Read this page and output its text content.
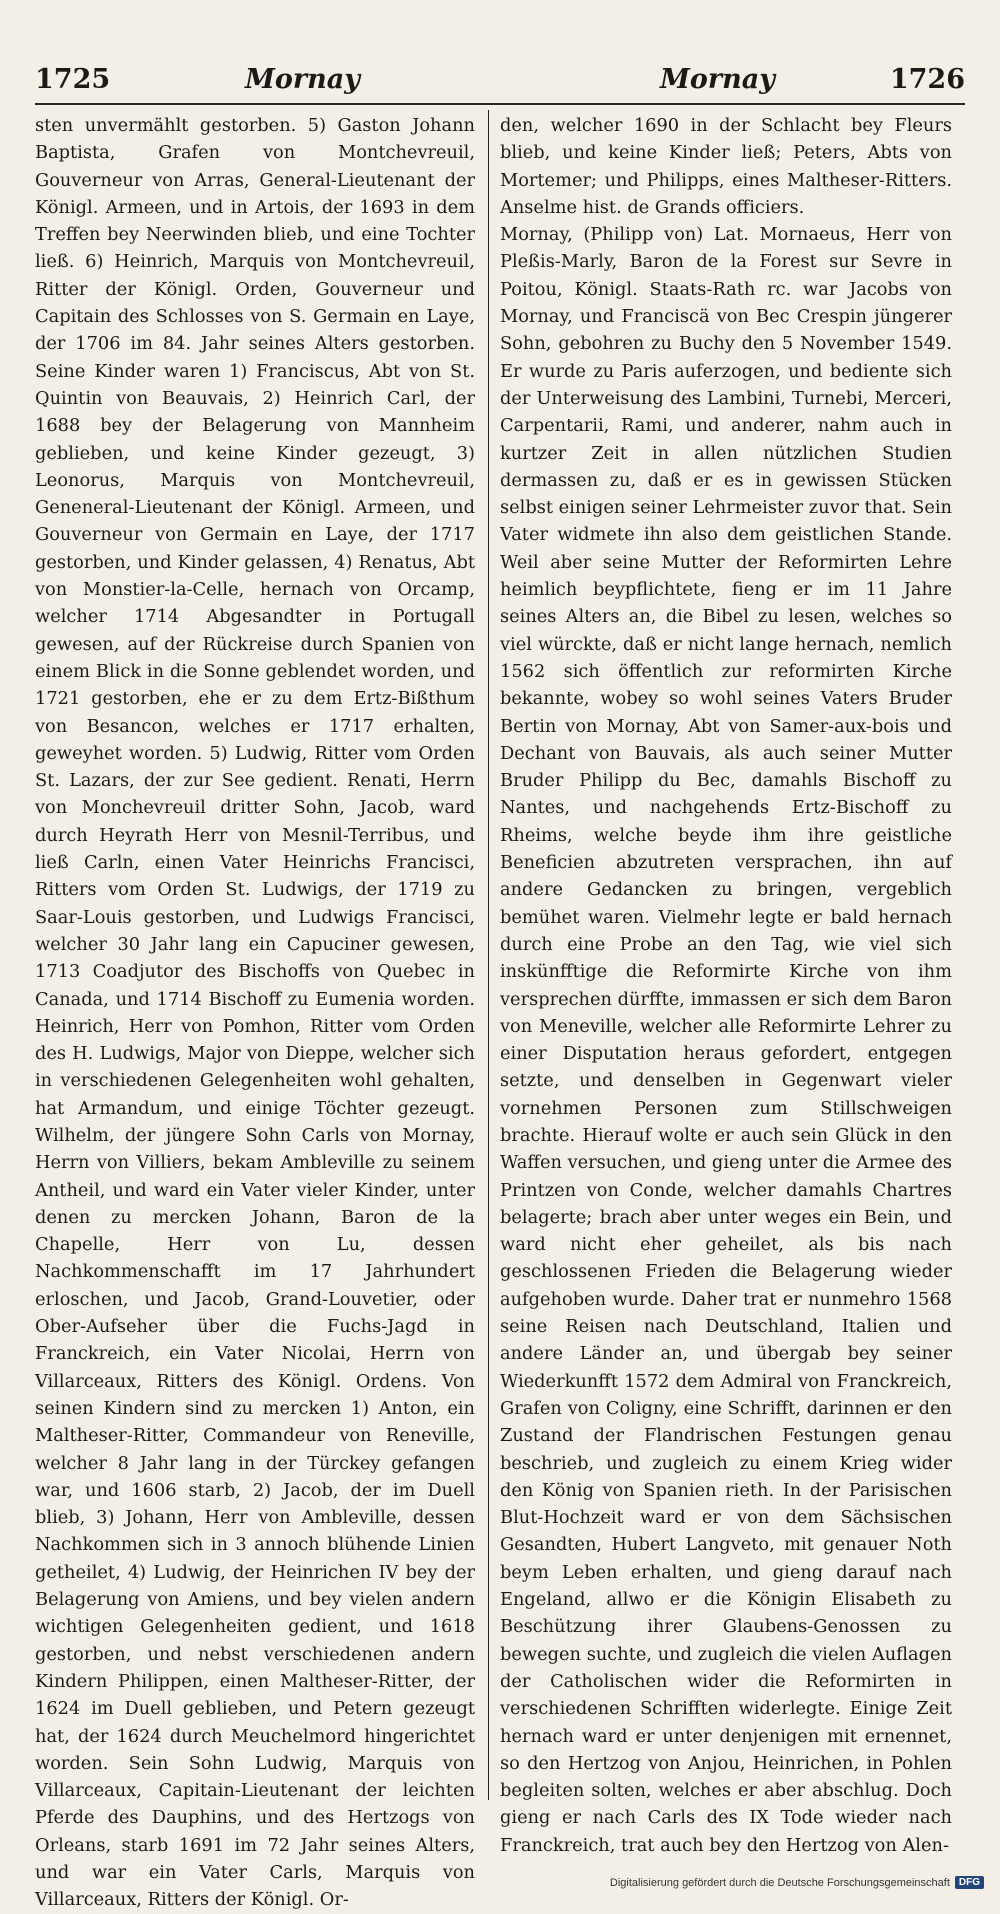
1725	Mornay	Mornay	1726

sten unvermählt gestorben. 5) Gaston Johann Baptista, Grafen von Montchevreuil, Gouverneur von Arras, General-Lieutenant der Königl. Armeen, und in Artois, der 1693 in dem Treffen bey Neerwinden blieb, und eine Tochter ließ. 6) Heinrich, Marquis von Montchevreuil, Ritter der Königl. Orden, Gouverneur und Capitain des Schlosses von S. Germain en Laye, der 1706 im 84. Jahr seines Alters gestorben. Seine Kinder waren 1) Franciscus, Abt von St. Quintin von Beauvais, 2) Heinrich Carl, der 1688 bey der Belagerung von Mannheim geblieben, und keine Kinder gezeugt, 3) Leonorus, Marquis von Montchevreuil, Geneneral-Lieutenant der Königl. Armeen, und Gouverneur von Germain en Laye, der 1717 gestorben, und Kinder gelassen, 4) Renatus, Abt von Monstier-la-Celle, hernach von Orcamp, welcher 1714 Abgesandter in Portugall gewesen, auf der Rückreise durch Spanien von einem Blick in die Sonne geblendet worden, und 1721 gestorben, ehe er zu dem Ertz-Bißthum von Besancon, welches er 1717 erhalten, geweyhet worden. 5) Ludwig, Ritter vom Orden St. Lazars, der zur See gedient. Renati, Herrn von Monchevreuil dritter Sohn, Jacob, ward durch Heyrath Herr von Mesnil-Terribus, und ließ Carln, einen Vater Heinrichs Francisci, Ritters vom Orden St. Ludwigs, der 1719 zu Saar-Louis gestorben, und Ludwigs Francisci, welcher 30 Jahr lang ein Capuciner gewesen, 1713 Coadjutor des Bischoffs von Quebec in Canada, und 1714 Bischoff zu Eumenia worden. Heinrich, Herr von Pomhon, Ritter vom Orden des H. Ludwigs, Major von Dieppe, welcher sich in verschiedenen Gelegenheiten wohl gehalten, hat Armandum, und einige Töchter gezeugt. Wilhelm, der jüngere Sohn Carls von Mornay, Herrn von Villiers, bekam Ambleville zu seinem Antheil, und ward ein Vater vieler Kinder, unter denen zu mercken Johann, Baron de la Chapelle, Herr von Lu, dessen Nachkommenschafft im 17 Jahrhundert erloschen, und Jacob, Grand-Louvetier, oder Ober-Aufseher über die Fuchs-Jagd in Franckreich, ein Vater Nicolai, Herrn von Villarceaux, Ritters des Königl. Ordens. Von seinen Kindern sind zu mercken 1) Anton, ein Maltheser-Ritter, Commandeur von Reneville, welcher 8 Jahr lang in der Türckey gefangen war, und 1606 starb, 2) Jacob, der im Duell blieb, 3) Johann, Herr von Ambleville, dessen Nachkommen sich in 3 annoch blühende Linien getheilet, 4) Ludwig, der Heinrichen IV bey der Belagerung von Amiens, und bey vielen andern wichtigen Gelegenheiten gedient, und 1618 gestorben, und nebst verschiedenen andern Kindern Philippen, einen Maltheser-Ritter, der 1624 im Duell geblieben, und Petern gezeugt hat, der 1624 durch Meuchelmord hingerichtet worden. Sein Sohn Ludwig, Marquis von Villarceaux, Capitain-Lieutenant der leichten Pferde des Dauphins, und des Hertzogs von Orleans, starb 1691 im 72 Jahr seines Alters, und war ein Vater Carls, Marquis von Villarceaux, Ritters der Königl. Or-

den, welcher 1690 in der Schlacht bey Fleurs blieb, und keine Kinder ließ; Peters, Abts von Mortemer; und Philipps, eines Maltheser-Ritters. Anselme hist. de Grands officiers.

Mornay, (Philipp von) Lat. Mornaeus, Herr von Pleßis-Marly, Baron de la Forest sur Sevre in Poitou, Königl. Staats-Rath rc. war Jacobs von Mornay, und Franciscä von Bec Crespin jüngerer Sohn, gebohren zu Buchy den 5 November 1549. Er wurde zu Paris auferzogen, und bediente sich der Unterweisung des Lambini, Turnebi, Merceri, Carpentarii, Rami, und anderer, nahm auch in kurtzer Zeit in allen nützlichen Studien dermassen zu, daß er es in gewissen Stücken selbst einigen seiner Lehrmeister zuvor that. Sein Vater widmete ihn also dem geistlichen Stande. Weil aber seine Mutter der Reformirten Lehre heimlich beypflichtete, fieng er im 11 Jahre seines Alters an, die Bibel zu lesen, welches so viel würckte, daß er nicht lange hernach, nemlich 1562 sich öffentlich zur reformirten Kirche bekannte, wobey so wohl seines Vaters Bruder Bertin von Mornay, Abt von Samer-aux-bois und Dechant von Bauvais, als auch seiner Mutter Bruder Philipp du Bec, damahls Bischoff zu Nantes, und nachgehends Ertz-Bischoff zu Rheims, welche beyde ihm ihre geistliche Beneficien abzutreten versprachen, ihn auf andere Gedancken zu bringen, vergeblich bemühet waren. Vielmehr legte er bald hernach durch eine Probe an den Tag, wie viel sich inskünfftige die Reformirte Kirche von ihm versprechen dürffte, immassen er sich dem Baron von Meneville, welcher alle Reformirte Lehrer zu einer Disputation heraus gefordert, entgegen setzte, und denselben in Gegenwart vieler vornehmen Personen zum Stillschweigen brachte. Hierauf wolte er auch sein Glück in den Waffen versuchen, und gieng unter die Armee des Printzen von Conde, welcher damahls Chartres belagerte; brach aber unter weges ein Bein, und ward nicht eher geheilet, als bis nach geschlossenen Frieden die Belagerung wieder aufgehoben wurde. Daher trat er nunmehro 1568 seine Reisen nach Deutschland, Italien und andere Länder an, und übergab bey seiner Wiederkunfft 1572 dem Admiral von Franckreich, Grafen von Coligny, eine Schrifft, darinnen er den Zustand der Flandrischen Festungen genau beschrieb, und zugleich zu einem Krieg wider den König von Spanien rieth. In der Parisischen Blut-Hochzeit ward er von dem Sächsischen Gesandten, Hubert Langveto, mit genauer Noth beym Leben erhalten, und gieng darauf nach Engeland, allwo er die Königin Elisabeth zu Beschützung ihrer Glaubens-Genossen zu bewegen suchte, und zugleich die vielen Auflagen der Catholischen wider die Reformirten in verschiedenen Schrifften widerlegte. Einige Zeit hernach ward er unter denjenigen mit ernennet, so den Hertzog von Anjou, Heinrichen, in Pohlen begleiten solten, welches er aber abschlug. Doch gieng er nach Carls des IX Tode wieder nach Franckreich, trat auch bey den Hertzog von Alen-

Digitalisierung gefördert durch die Deutsche Forschungsgemeinschaft DFG
